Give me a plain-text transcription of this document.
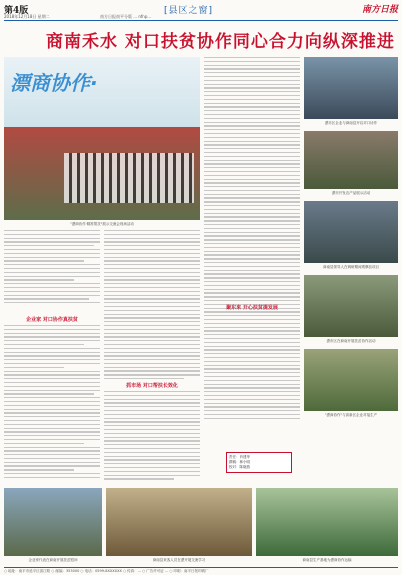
第4版	[县区之窗]	南方日报
2018年12月18日 星期二	南方日报南平分版 ... nfnp...
商南禾水 对口扶贫协作同心合力向纵深推进
漂商协作·
"漂商协作·精准帮扶"展示交流会现场活动
企业家 对口协作真扶贫
抓市场 对口帮扶长效化
聚东来 开心扶贫提发展
责任：肖建华
撰稿：林小明
校对：陈晓燕
漂市区企业与商南县开启对口协作
漂市开发农产品展示活动
商南县领导人在调研期间观摩品项目
漂市区在商南开展扶贫协作活动
"漂商协作"与高新区企业对接生产
企业家代表在商南开展扶贫慰问	商南县来客人员在漂开展交流学习	商南县生产基地为漂商协作运输
○ 地址：南平市延平区滨江路 ○ 邮编：353000 ○ 电话：0599-8XXXXXX ○ 传真：... ○ 广告许可证 ... ○ 印刷：南平日报印刷厂
